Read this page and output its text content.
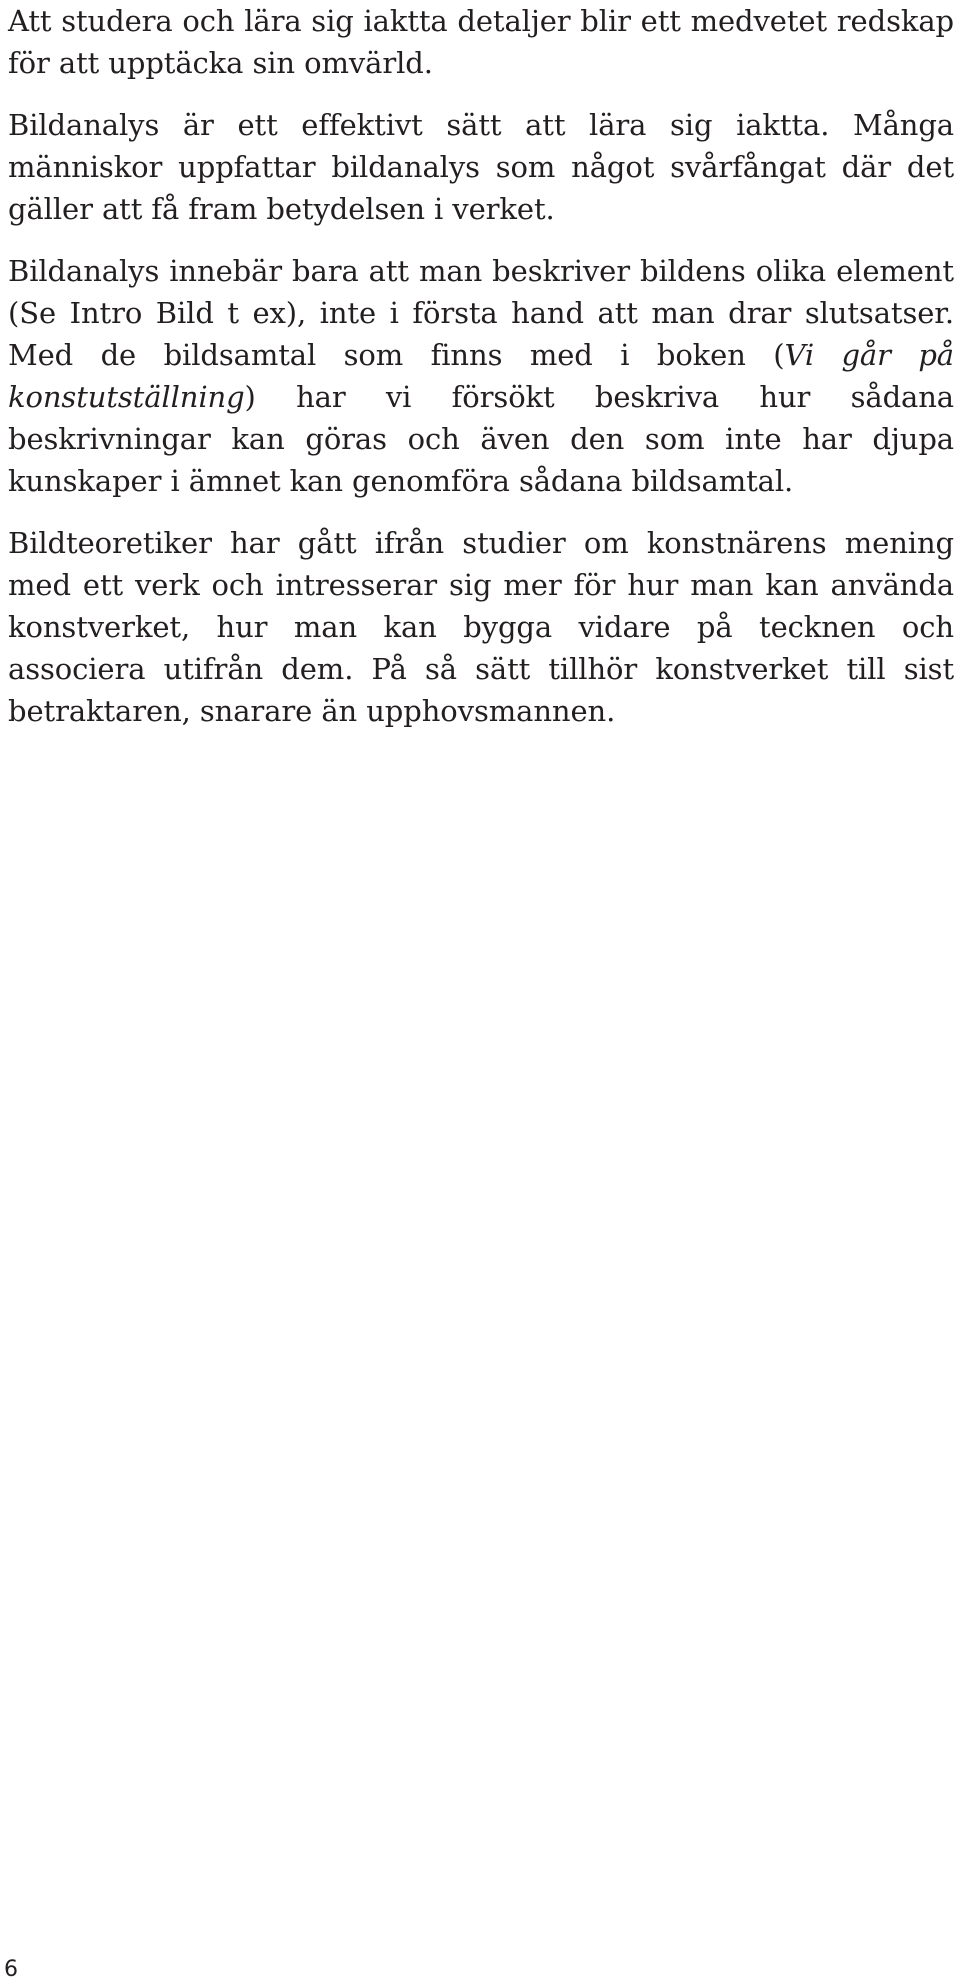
Att studera och lära sig iaktta detaljer blir ett medvetet redskap för att upptäcka sin omvärld.

Bildanalys är ett effektivt sätt att lära sig iaktta. Många människor uppfattar bildanalys som något svårfångat där det gäller att få fram betydelsen i verket.

Bildanalys innebär bara att man beskriver bildens olika element (Se Intro Bild t ex), inte i första hand att man drar slutsatser. Med de bildsamtal som finns med i boken (Vi går på konstutställning) har vi försökt beskriva hur sådana beskrivningar kan göras och även den som inte har djupa kunskaper i ämnet kan genomföra sådana bildsamtal.

Bildteoretiker har gått ifrån studier om konstnärens mening med ett verk och intresserar sig mer för hur man kan använda konstverket, hur man kan bygga vidare på tecknen och associera utifrån dem. På så sätt tillhör konstverket till sist betraktaren, snarare än upphovsmannen.

6
